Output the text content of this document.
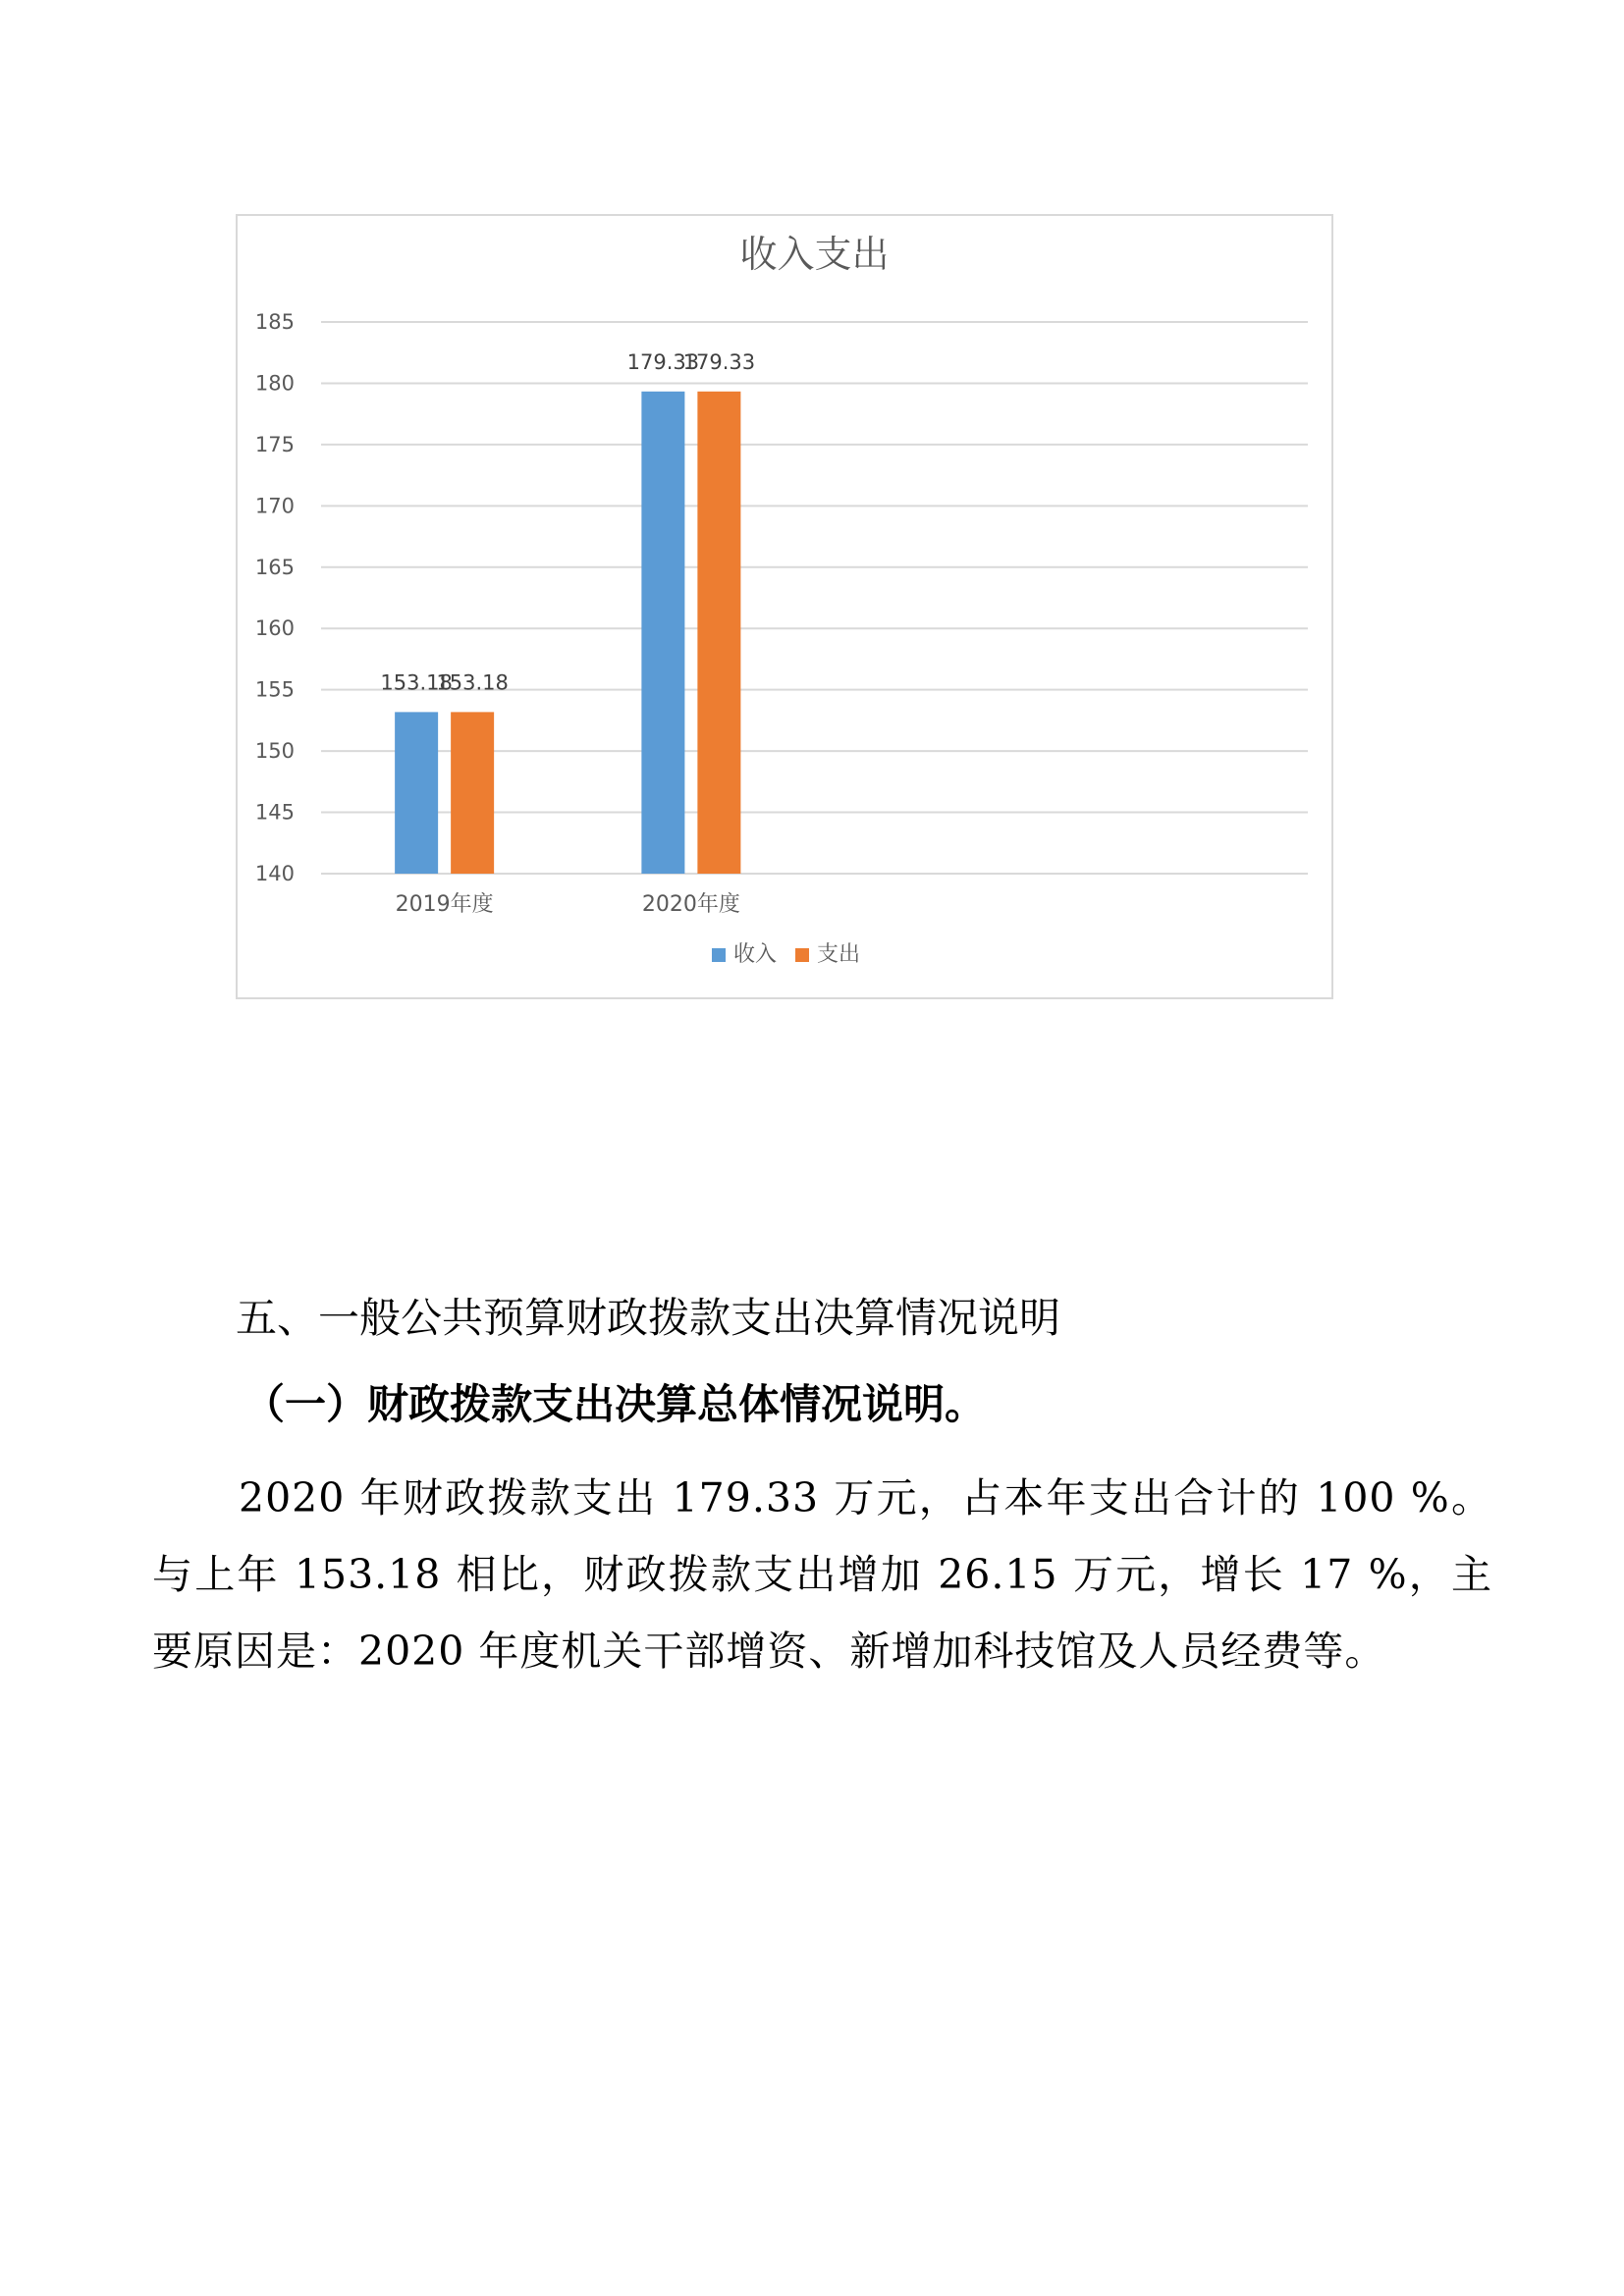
收入支出
140
145
150
155
160
165
170
175
180
185
153.18
153.18
2019年度
179.33
179.33
2020年度
收入 支出
五、一般公共预算财政拨款支出决算情况说明
（一）财政拨款支出决算总体情况说明。

2020 年财政拨款支出 179.33 万元，占本年支出合计的 100 %。与上年 153.18 相比，财政拨款支出增加 26.15 万元，增长 17 %，主要原因是：2020 年度机关干部增资、新增加科技馆及人员经费等。
